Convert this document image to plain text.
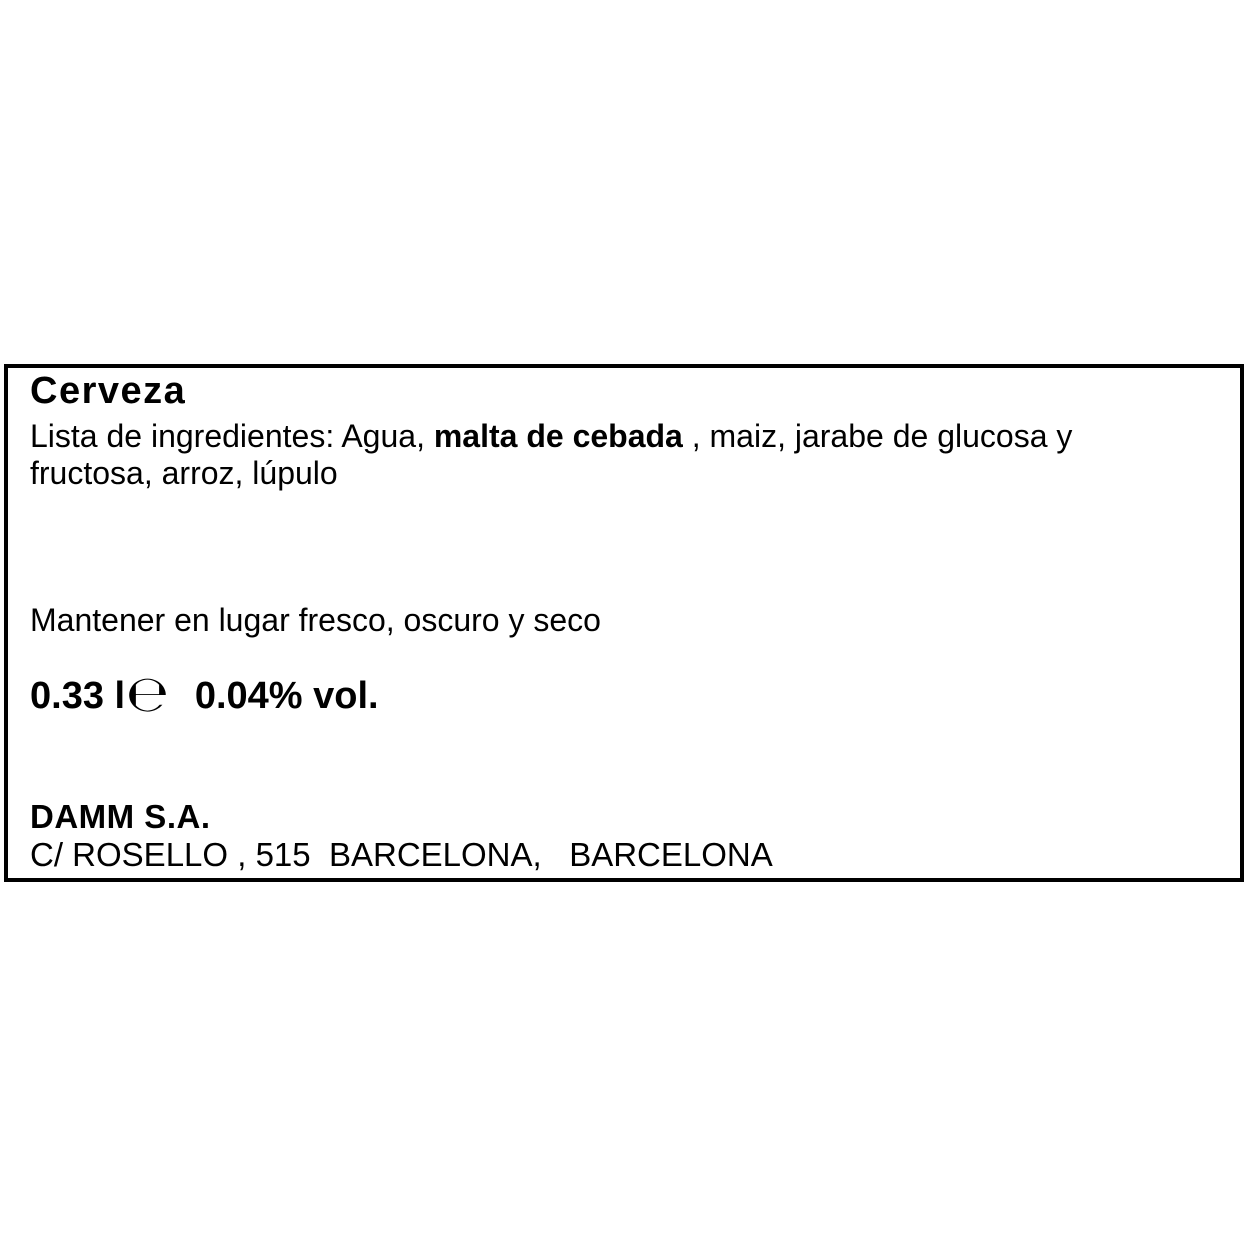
Cerveza

Lista de ingredientes: Agua, malta de cebada , maiz, jarabe de glucosa y
fructosa, arroz, lúpulo

Mantener en lugar fresco, oscuro y seco

0.33 l ℮ 0.04% vol.

DAMM S.A.

C/ ROSELLO , 515  BARCELONA,   BARCELONA
